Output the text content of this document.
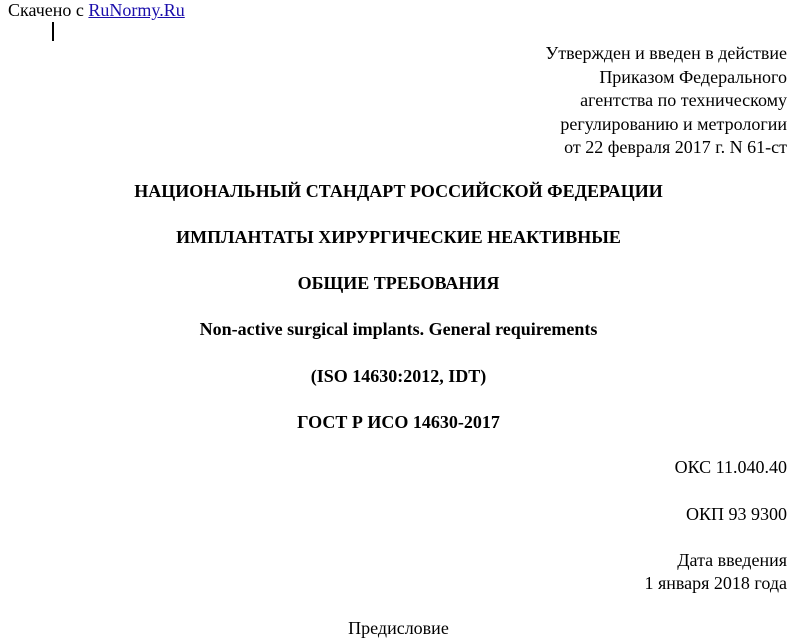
Скачено с RuNormy.Ru
Утвержден и введен в действие
Приказом Федерального
агентства по техническому
регулированию и метрологии
от 22 февраля 2017 г. N 61-ст
НАЦИОНАЛЬНЫЙ СТАНДАРТ РОССИЙСКОЙ ФЕДЕРАЦИИ
ИМПЛАНТАТЫ ХИРУРГИЧЕСКИЕ НЕАКТИВНЫЕ
ОБЩИЕ ТРЕБОВАНИЯ
Non-active surgical implants. General requirements
(ISO 14630:2012, IDT)
ГОСТ Р ИСО 14630-2017
ОКС 11.040.40
ОКП 93 9300
Дата введения
1 января 2018 года
Предисловие
